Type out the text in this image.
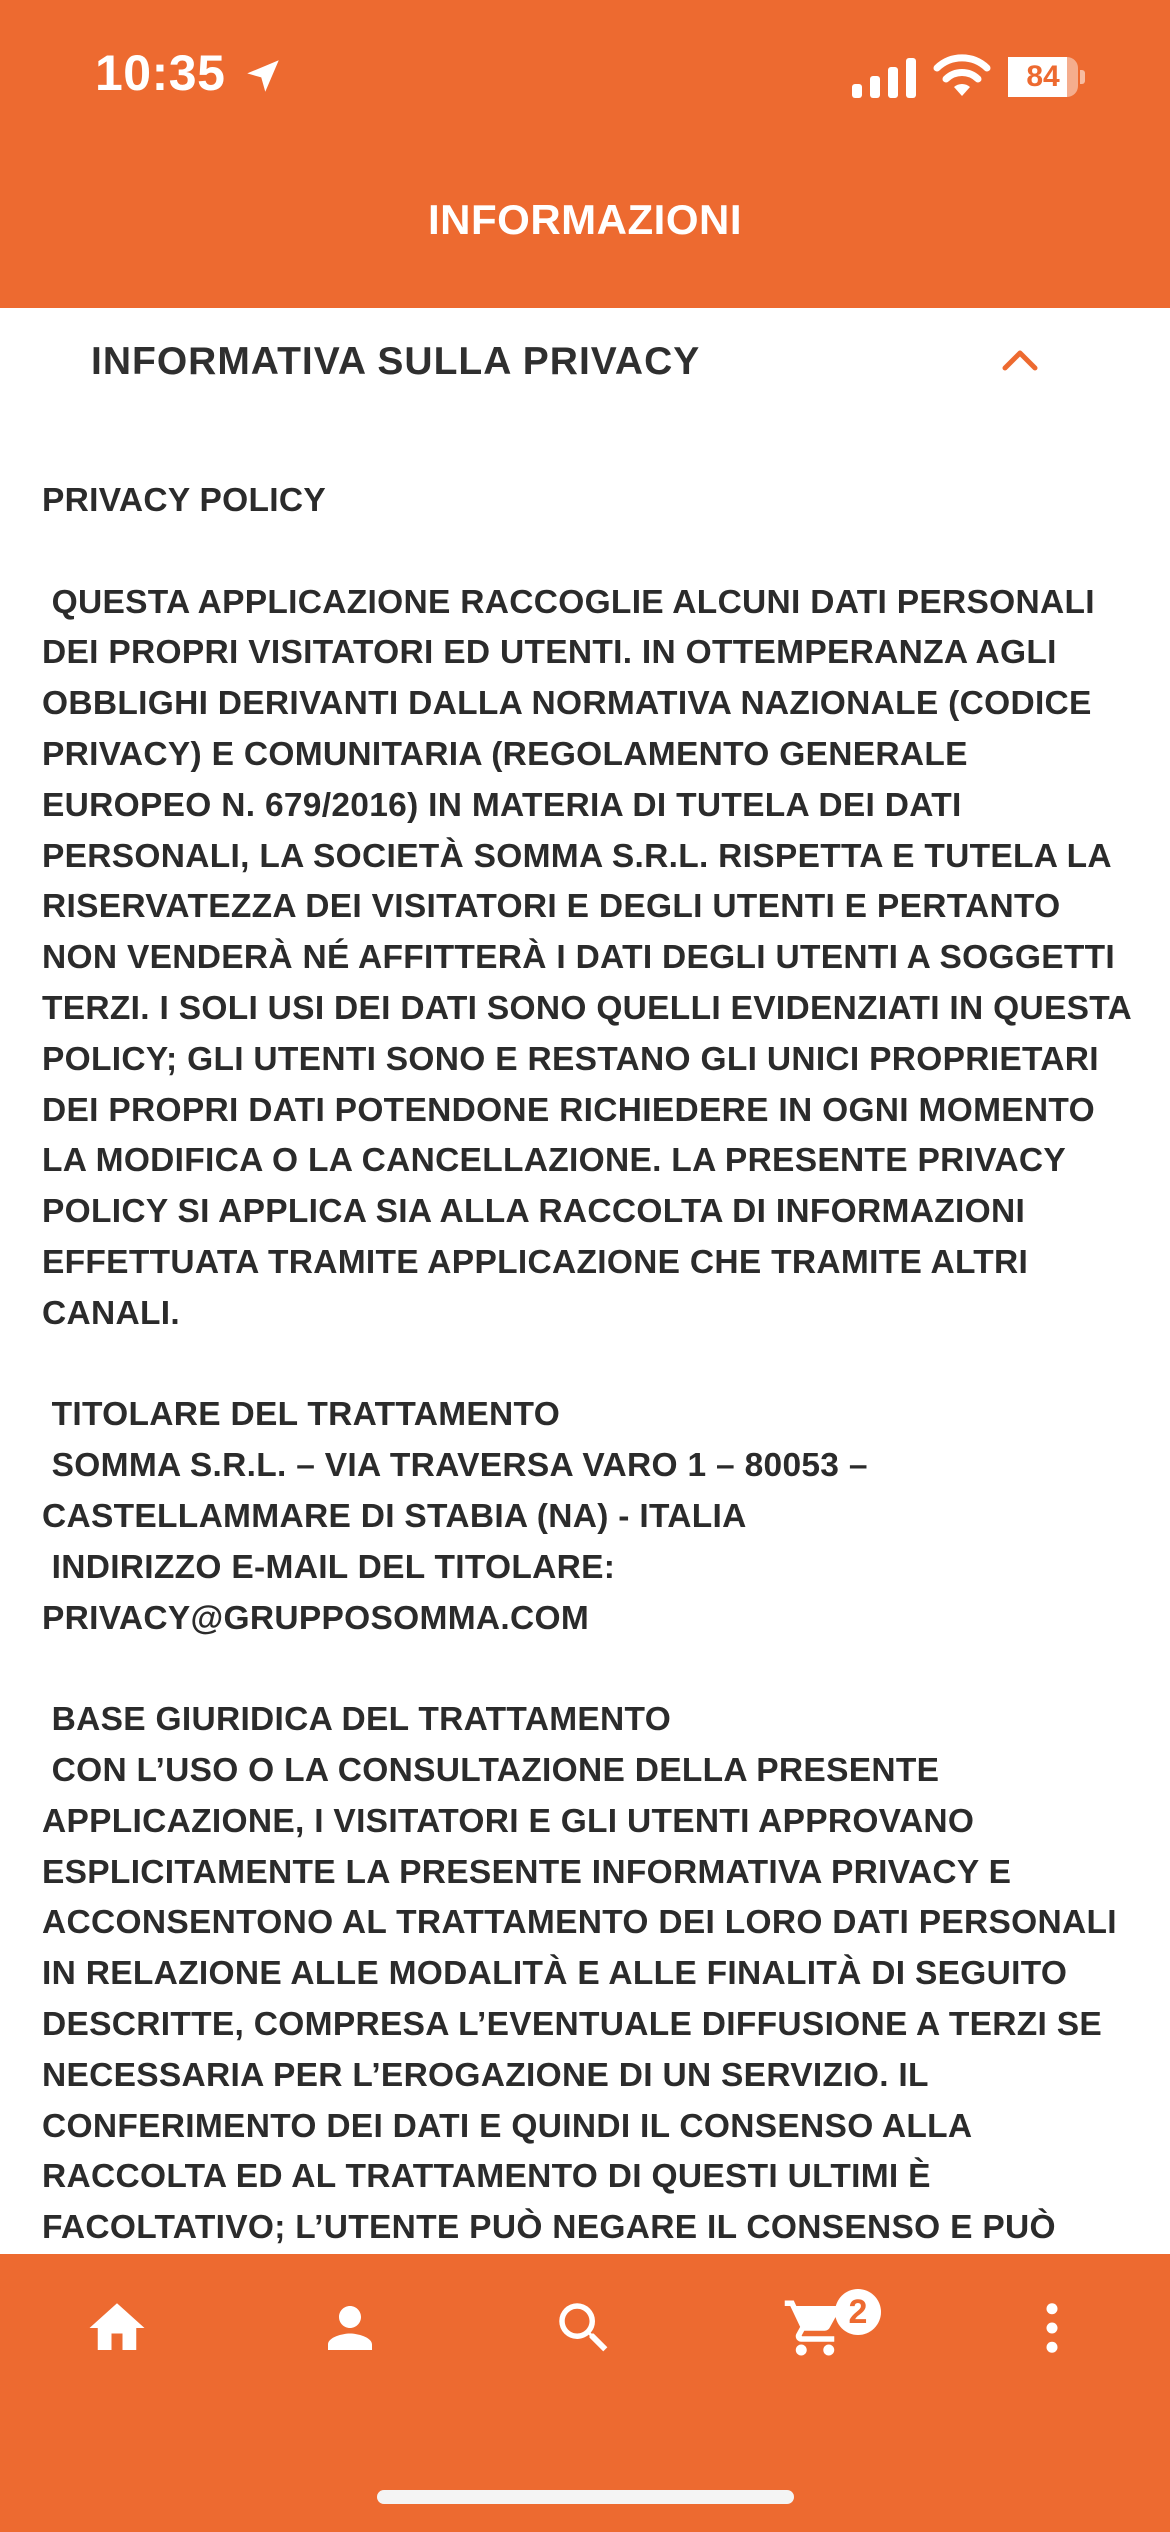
10:35	84
INFORMAZIONI
INFORMATIVA SULLA PRIVACY
PRIVACY POLICY

QUESTA APPLICAZIONE RACCOGLIE ALCUNI DATI PERSONALI DEI PROPRI VISITATORI ED UTENTI. IN OTTEMPERANZA AGLI OBBLIGHI DERIVANTI DALLA NORMATIVA NAZIONALE (CODICE PRIVACY) E COMUNITARIA (REGOLAMENTO GENERALE EUROPEO N. 679/2016) IN MATERIA DI TUTELA DEI DATI PERSONALI, LA SOCIETÀ SOMMA S.R.L. RISPETTA E TUTELA LA RISERVATEZZA DEI VISITATORI E DEGLI UTENTI E PERTANTO NON VENDERÀ NÉ AFFITTERÀ I DATI DEGLI UTENTI A SOGGETTI TERZI. I SOLI USI DEI DATI SONO QUELLI EVIDENZIATI IN QUESTA POLICY; GLI UTENTI SONO E RESTANO GLI UNICI PROPRIETARI DEI PROPRI DATI POTENDONE RICHIEDERE IN OGNI MOMENTO LA MODIFICA O LA CANCELLAZIONE. LA PRESENTE PRIVACY POLICY SI APPLICA SIA ALLA RACCOLTA DI INFORMAZIONI EFFETTUATA TRAMITE APPLICAZIONE CHE TRAMITE ALTRI CANALI.

TITOLARE DEL TRATTAMENTO
SOMMA S.R.L. – VIA TRAVERSA VARO 1 – 80053 – CASTELLAMMARE DI STABIA (NA) - ITALIA
INDIRIZZO E-MAIL DEL TITOLARE: PRIVACY@GRUPPOSOMMA.COM

BASE GIURIDICA DEL TRATTAMENTO
CON L’USO O LA CONSULTAZIONE DELLA PRESENTE APPLICAZIONE, I VISITATORI E GLI UTENTI APPROVANO ESPLICITAMENTE LA PRESENTE INFORMATIVA PRIVACY E ACCONSENTONO AL TRATTAMENTO DEI LORO DATI PERSONALI IN RELAZIONE ALLE MODALITÀ E ALLE FINALITÀ DI SEGUITO DESCRITTE, COMPRESA L’EVENTUALE DIFFUSIONE A TERZI SE NECESSARIA PER L’EROGAZIONE DI UN SERVIZIO. IL CONFERIMENTO DEI DATI E QUINDI IL CONSENSO ALLA RACCOLTA ED AL TRATTAMENTO DI QUESTI ULTIMI È FACOLTATIVO; L’UTENTE PUÒ NEGARE IL CONSENSO E PUÒ
2
